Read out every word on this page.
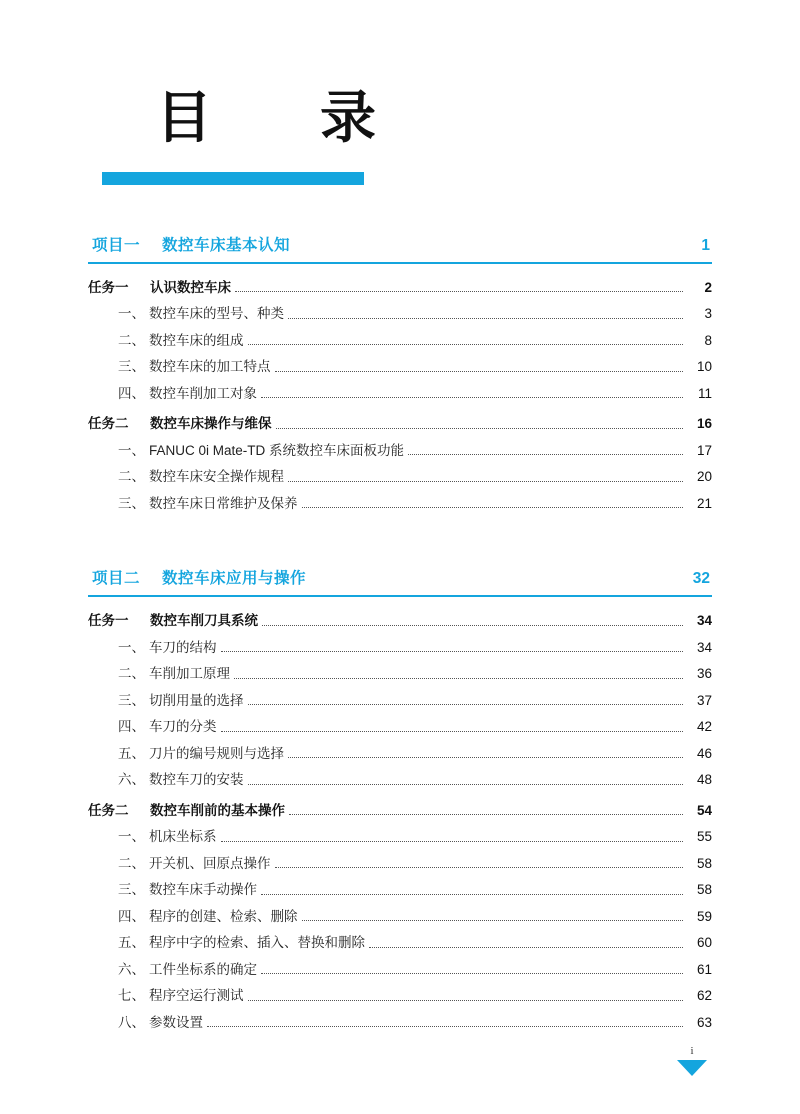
目　录
项目一 数控车床基本认知	1
任务一	认识数控车床	2
一、 数控车床的型号、种类	3
二、 数控车床的组成	8
三、 数控车床的加工特点	10
四、 数控车削加工对象	11
任务二	数控车床操作与维保	16
一、 FANUC 0i Mate-TD 系统数控车床面板功能	17
二、 数控车床安全操作规程	20
三、 数控车床日常维护及保养	21
项目二 数控车床应用与操作	32
任务一	数控车削刀具系统	34
一、 车刀的结构	34
二、 车削加工原理	36
三、 切削用量的选择	37
四、 车刀的分类	42
五、 刀片的编号规则与选择	46
六、 数控车刀的安装	48
任务二	数控车削前的基本操作	54
一、 机床坐标系	55
二、 开关机、回原点操作	58
三、 数控车床手动操作	58
四、 程序的创建、检索、删除	59
五、 程序中字的检索、插入、替换和删除	60
六、 工件坐标系的确定	61
七、 程序空运行测试	62
八、 参数设置	63
i
